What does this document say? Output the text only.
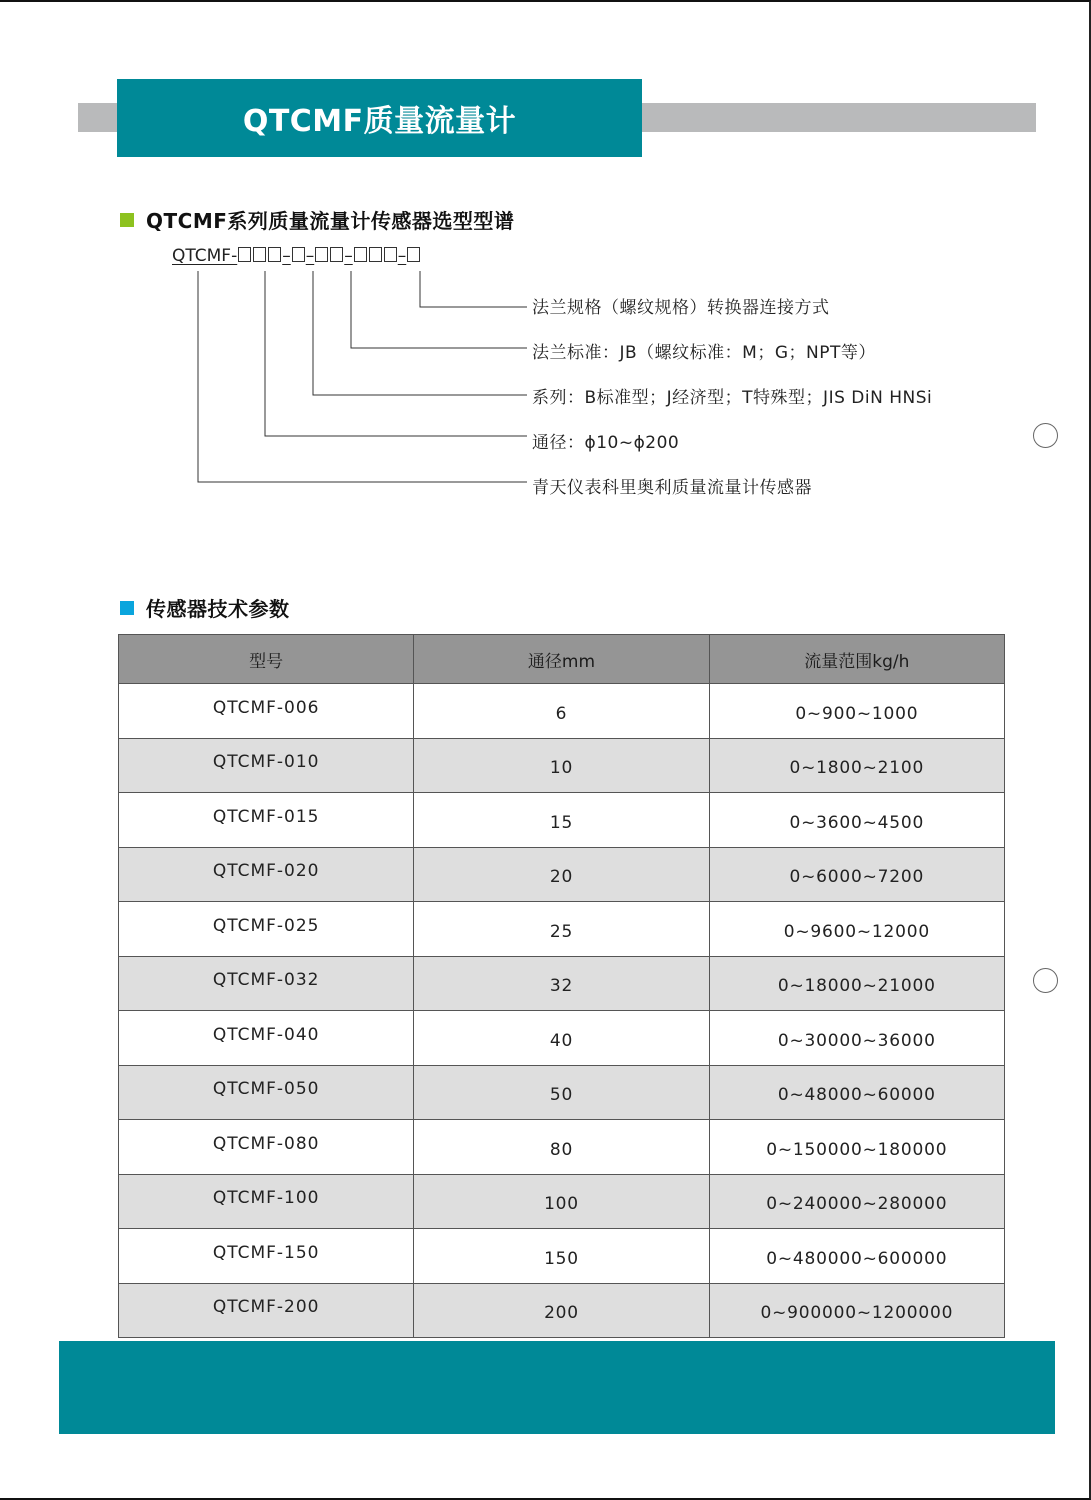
QTCMF质量流量计
QTCMF系列质量流量计传感器选型型谱
QTCMF-	– – –	–
法兰规格（螺纹规格）转换器连接方式
法兰标准：JB（螺纹标准：M；G；NPT等）
系列：B标准型；J经济型；T特殊型；JIS DiN HNSi
通径：ϕ10~ϕ200
青天仪表科里奥利质量流量计传感器
传感器技术参数
型号	通径mm	流量范围kg/h
QTCMF-006	6	0~900~1000
QTCMF-010	10	0~1800~2100
QTCMF-015	15	0~3600~4500
QTCMF-020	20	0~6000~7200
QTCMF-025	25	0~9600~12000
QTCMF-032	32	0~18000~21000
QTCMF-040	40	0~30000~36000
QTCMF-050	50	0~48000~60000
QTCMF-080	80	0~150000~180000
QTCMF-100	100	0~240000~280000
QTCMF-150	150	0~480000~600000
QTCMF-200	200	0~900000~1200000
